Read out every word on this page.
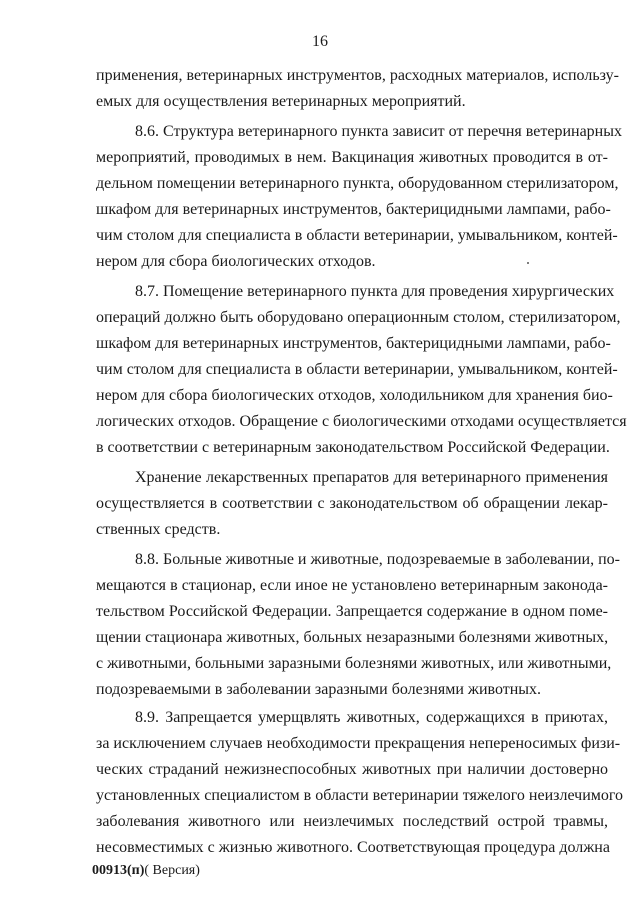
16
применения, ветеринарных инструментов, расходных материалов, использу-
емых для осуществления ветеринарных мероприятий.
8.6. Структура ветеринарного пункта зависит от перечня ветеринарных
мероприятий, проводимых в нем. Вакцинация животных проводится в от-
дельном помещении ветеринарного пункта, оборудованном стерилизатором,
шкафом для ветеринарных инструментов, бактерицидными лампами, рабо-
чим столом для специалиста в области ветеринарии, умывальником, контей-
нером для сбора биологических отходов.
8.7. Помещение ветеринарного пункта для проведения хирургических
операций должно быть оборудовано операционным столом, стерилизатором,
шкафом для ветеринарных инструментов, бактерицидными лампами, рабо-
чим столом для специалиста в области ветеринарии, умывальником, контей-
нером для сбора биологических отходов, холодильником для хранения био-
логических отходов. Обращение с биологическими отходами осуществляется
в соответствии с ветеринарным законодательством Российской Федерации.
Хранение лекарственных препаратов для ветеринарного применения
осуществляется в соответствии с законодательством об обращении лекар-
ственных средств.
8.8. Больные животные и животные, подозреваемые в заболевании, по-
мещаются в стационар, если иное не установлено ветеринарным законода-
тельством Российской Федерации. Запрещается содержание в одном поме-
щении стационара животных, больных незаразными болезнями животных,
с животными, больными заразными болезнями животных, или животными,
подозреваемыми в заболевании заразными болезнями животных.
8.9. Запрещается умерщвлять животных, содержащихся в приютах,
за исключением случаев необходимости прекращения непереносимых физи-
ческих страданий нежизнеспособных животных при наличии достоверно
установленных специалистом в области ветеринарии тяжелого неизлечимого
заболевания животного или неизлечимых последствий острой травмы,
несовместимых с жизнью животного. Соответствующая процедура должна
00913(п)( Версия)
